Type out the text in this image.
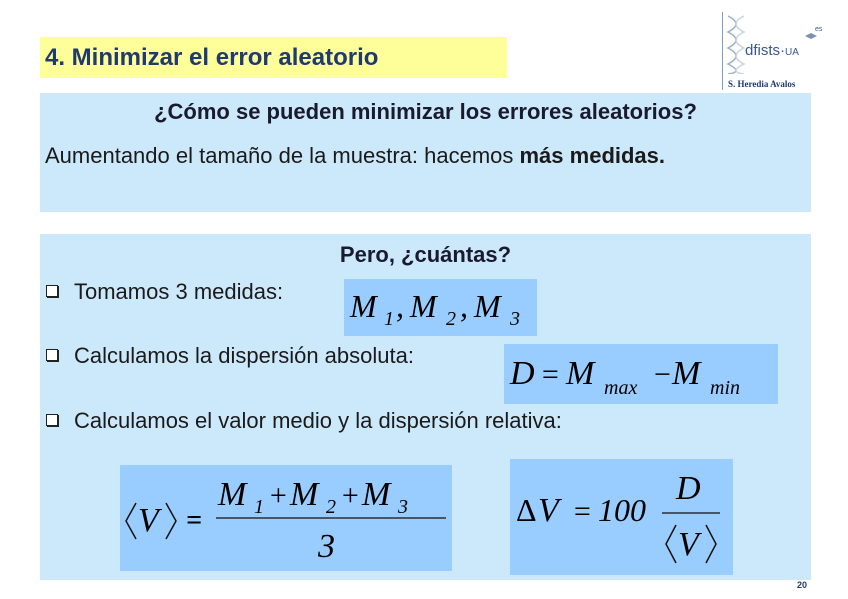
4. Minimizar el error aleatorio	dfists·UA
es
S. Heredia Avalos
¿Cómo se pueden minimizar los errores aleatorios?
Aumentando el tamaño de la muestra: hacemos más medidas.
Pero, ¿cuántas?
Tomamos 3 medidas:
Calculamos la dispersión absoluta:
Calculamos el valor medio y la dispersión relativa:
M 1 , M 2 , M 3
D = M max − M min
V =
M 1 + M 2 + M 3
3
Δ V = 100
D
V
20
